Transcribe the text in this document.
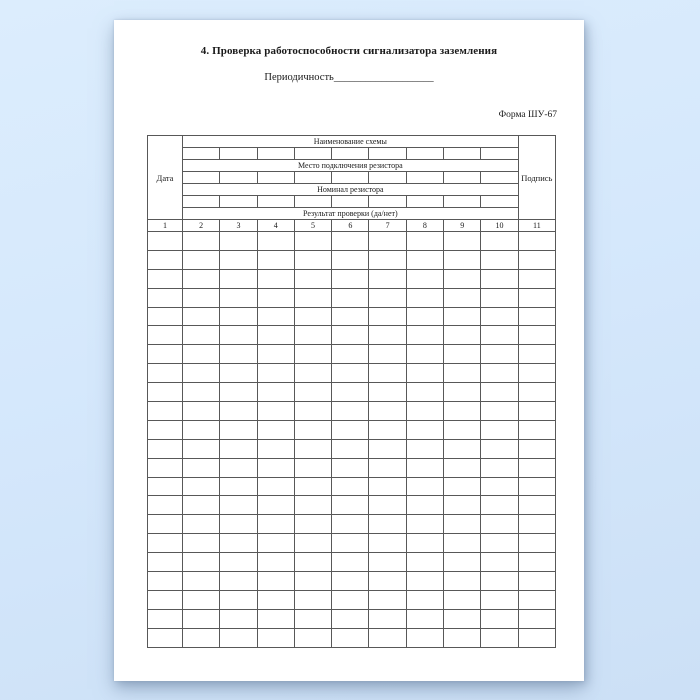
4. Проверка работоспособности сигнализатора заземления
Периодичность___________________
Форма ШУ-67
Дата	Наименование схемы									Подпись

	Место подключения резистора									

	Номинал резистора									

	Результат проверки (да/нет)									
1	2	3	4	5	6	7	8	9	10	11
